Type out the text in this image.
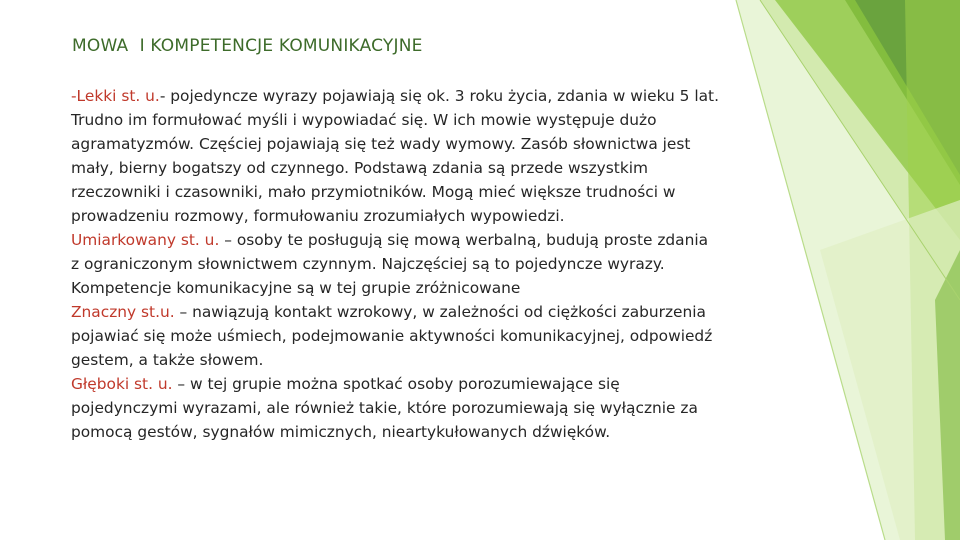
MOWA  I KOMPETENCJE KOMUNIKACYJNE

-Lekki st. u.- pojedyncze wyrazy pojawiają się ok. 3 roku życia, zdania w wieku 5 lat. Trudno im formułować myśli i wypowiadać się. W ich mowie występuje dużo agramatyzmów. Częściej pojawiają się też wady wymowy. Zasób słownictwa jest mały, bierny bogatszy od czynnego. Podstawą zdania są przede wszystkim rzeczowniki i czasowniki, mało przymiotników. Mogą mieć większe trudności w prowadzeniu rozmowy, formułowaniu zrozumiałych wypowiedzi.

Umiarkowany st. u. – osoby te posługują się mową werbalną, budują proste zdania z ograniczonym słownictwem czynnym. Najczęściej są to pojedyncze wyrazy. Kompetencje komunikacyjne są w tej grupie zróżnicowane

Znaczny st.u. – nawiązują kontakt wzrokowy, w zależności od ciężkości zaburzenia pojawiać się może uśmiech, podejmowanie aktywności komunikacyjnej, odpowiedź gestem, a także słowem.

Głęboki st. u. – w tej grupie można spotkać osoby porozumiewające się pojedynczymi wyrazami, ale również takie, które porozumiewają się wyłącznie za pomocą gestów, sygnałów mimicznych, nieartykułowanych dźwięków.
